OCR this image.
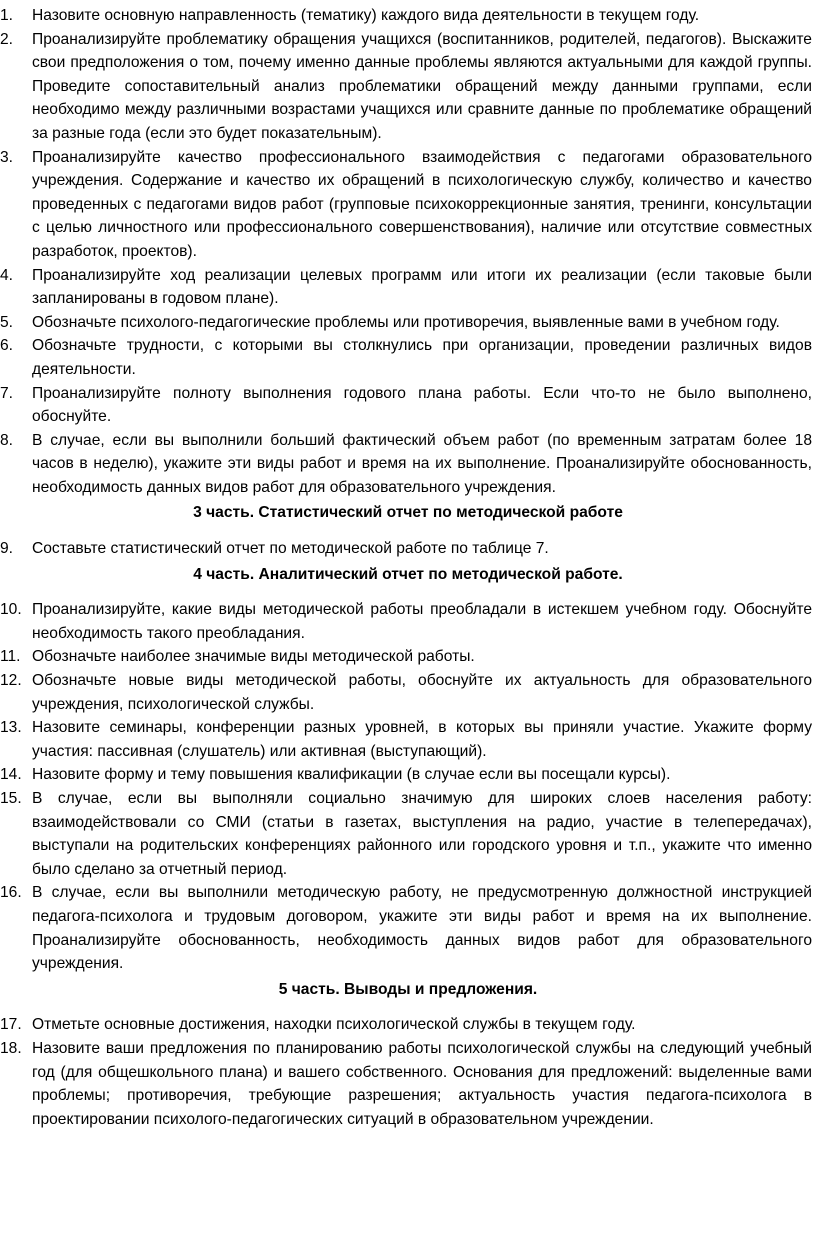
1.	Назовите основную направленность (тематику) каждого вида деятельности в текущем году.
2.	Проанализируйте проблематику обращения учащихся (воспитанников, родителей, педагогов). Выскажите свои предположения о том, почему именно данные проблемы являются актуальными для каждой группы. Проведите сопоставительный анализ проблематики обращений между данными группами, если необходимо между различными возрастами учащихся или сравните данные по проблематике обращений за разные года (если это будет показательным).
3.	Проанализируйте качество профессионального взаимодействия с педагогами образовательного учреждения. Содержание и качество их обращений в психологическую службу, количество и качество проведенных с педагогами видов работ (групповые психокоррекционные занятия, тренинги, консультации с целью личностного или профессионального совершенствования), наличие или отсутствие совместных разработок, проектов).
4.	Проанализируйте ход реализации целевых программ или итоги их реализации (если таковые были запланированы в годовом плане).
5.	Обозначьте психолого-педагогические проблемы или противоречия, выявленные вами в учебном году.
6.	Обозначьте трудности, с которыми вы столкнулись при организации, проведении различных видов деятельности.
7.	Проанализируйте полноту выполнения годового плана работы. Если что-то не было выполнено, обоснуйте.
8.	В случае, если вы выполнили больший фактический объем работ (по временным затратам более 18 часов в неделю), укажите эти виды работ и время на их выполнение. Проанализируйте обоснованность, необходимость данных видов работ для образовательного учреждения.
3 часть. Статистический отчет по методической работе
9.	Составьте статистический отчет по методической работе по таблице 7.
4 часть. Аналитический отчет по методической работе.
10. Проанализируйте, какие виды методической работы преобладали в истекшем учебном году. Обоснуйте необходимость такого преобладания.
11. Обозначьте наиболее значимые виды методической работы.
12. Обозначьте новые виды методической работы, обоснуйте их актуальность для образовательного учреждения, психологической службы.
13. Назовите семинары, конференции разных уровней, в которых вы приняли участие. Укажите форму участия: пассивная (слушатель) или активная (выступающий).
14. Назовите форму и тему повышения квалификации (в случае если вы посещали курсы).
15. В случае, если вы выполняли социально значимую для широких слоев населения работу: взаимодействовали со СМИ (статьи в газетах, выступления на радио, участие в телепередачах), выступали на родительских конференциях районного или городского уровня и т.п., укажите что именно было сделано за отчетный период.
16. В случае, если вы выполнили методическую работу, не предусмотренную должностной инструкцией педагога-психолога и трудовым договором, укажите эти виды работ и время на их выполнение. Проанализируйте обоснованность, необходимость данных видов работ для образовательного учреждения.
5 часть. Выводы и предложения.
17. Отметьте основные достижения, находки психологической службы в текущем году.
18. Назовите ваши предложения по планированию работы психологической службы на следующий учебный год (для общешкольного плана) и вашего собственного. Основания для предложений: выделенные вами проблемы; противоречия, требующие разрешения; актуальность участия педагога-психолога в проектировании психолого-педагогических ситуаций в образовательном учреждении.
